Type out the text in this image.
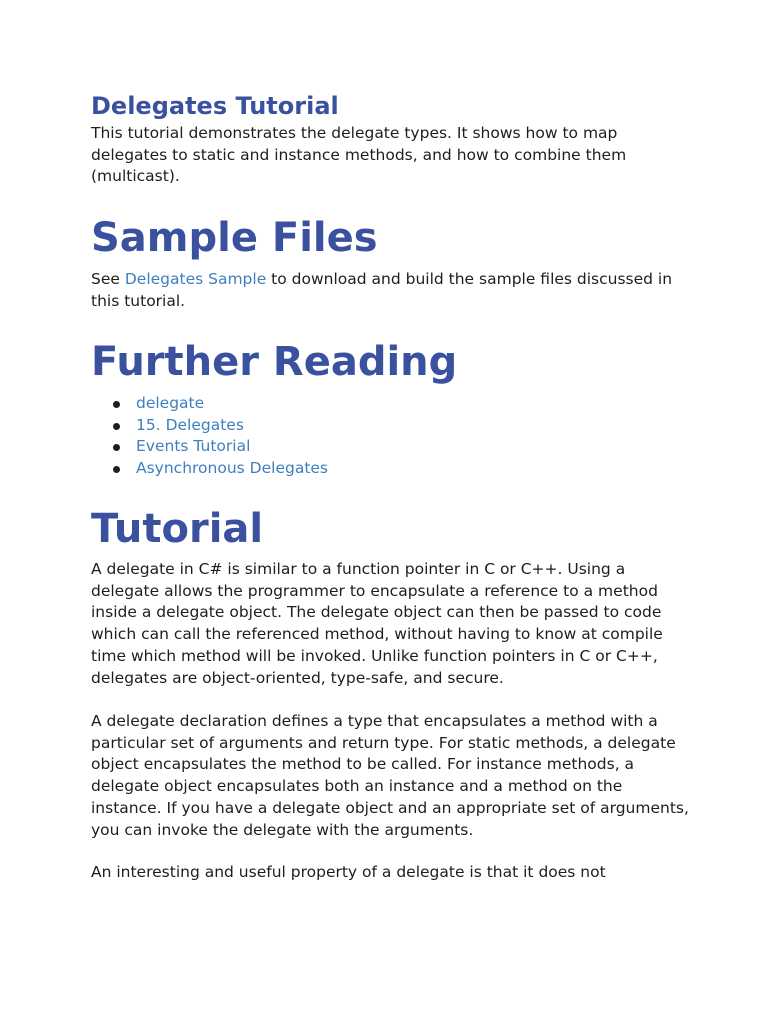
Delegates Tutorial

This tutorial demonstrates the delegate types. It shows how to map delegates to static and instance methods, and how to combine them (multicast).

Sample Files

See Delegates Sample to download and build the sample files discussed in this tutorial.

Further Reading
delegate
15. Delegates
Events Tutorial
Asynchronous Delegates
Tutorial

A delegate in C# is similar to a function pointer in C or C++. Using a delegate allows the programmer to encapsulate a reference to a method inside a delegate object. The delegate object can then be passed to code which can call the referenced method, without having to know at compile time which method will be invoked. Unlike function pointers in C or C++, delegates are object-oriented, type-safe, and secure.

A delegate declaration defines a type that encapsulates a method with a particular set of arguments and return type. For static methods, a delegate object encapsulates the method to be called. For instance methods, a delegate object encapsulates both an instance and a method on the instance. If you have a delegate object and an appropriate set of arguments, you can invoke the delegate with the arguments.

An interesting and useful property of a delegate is that it does not
